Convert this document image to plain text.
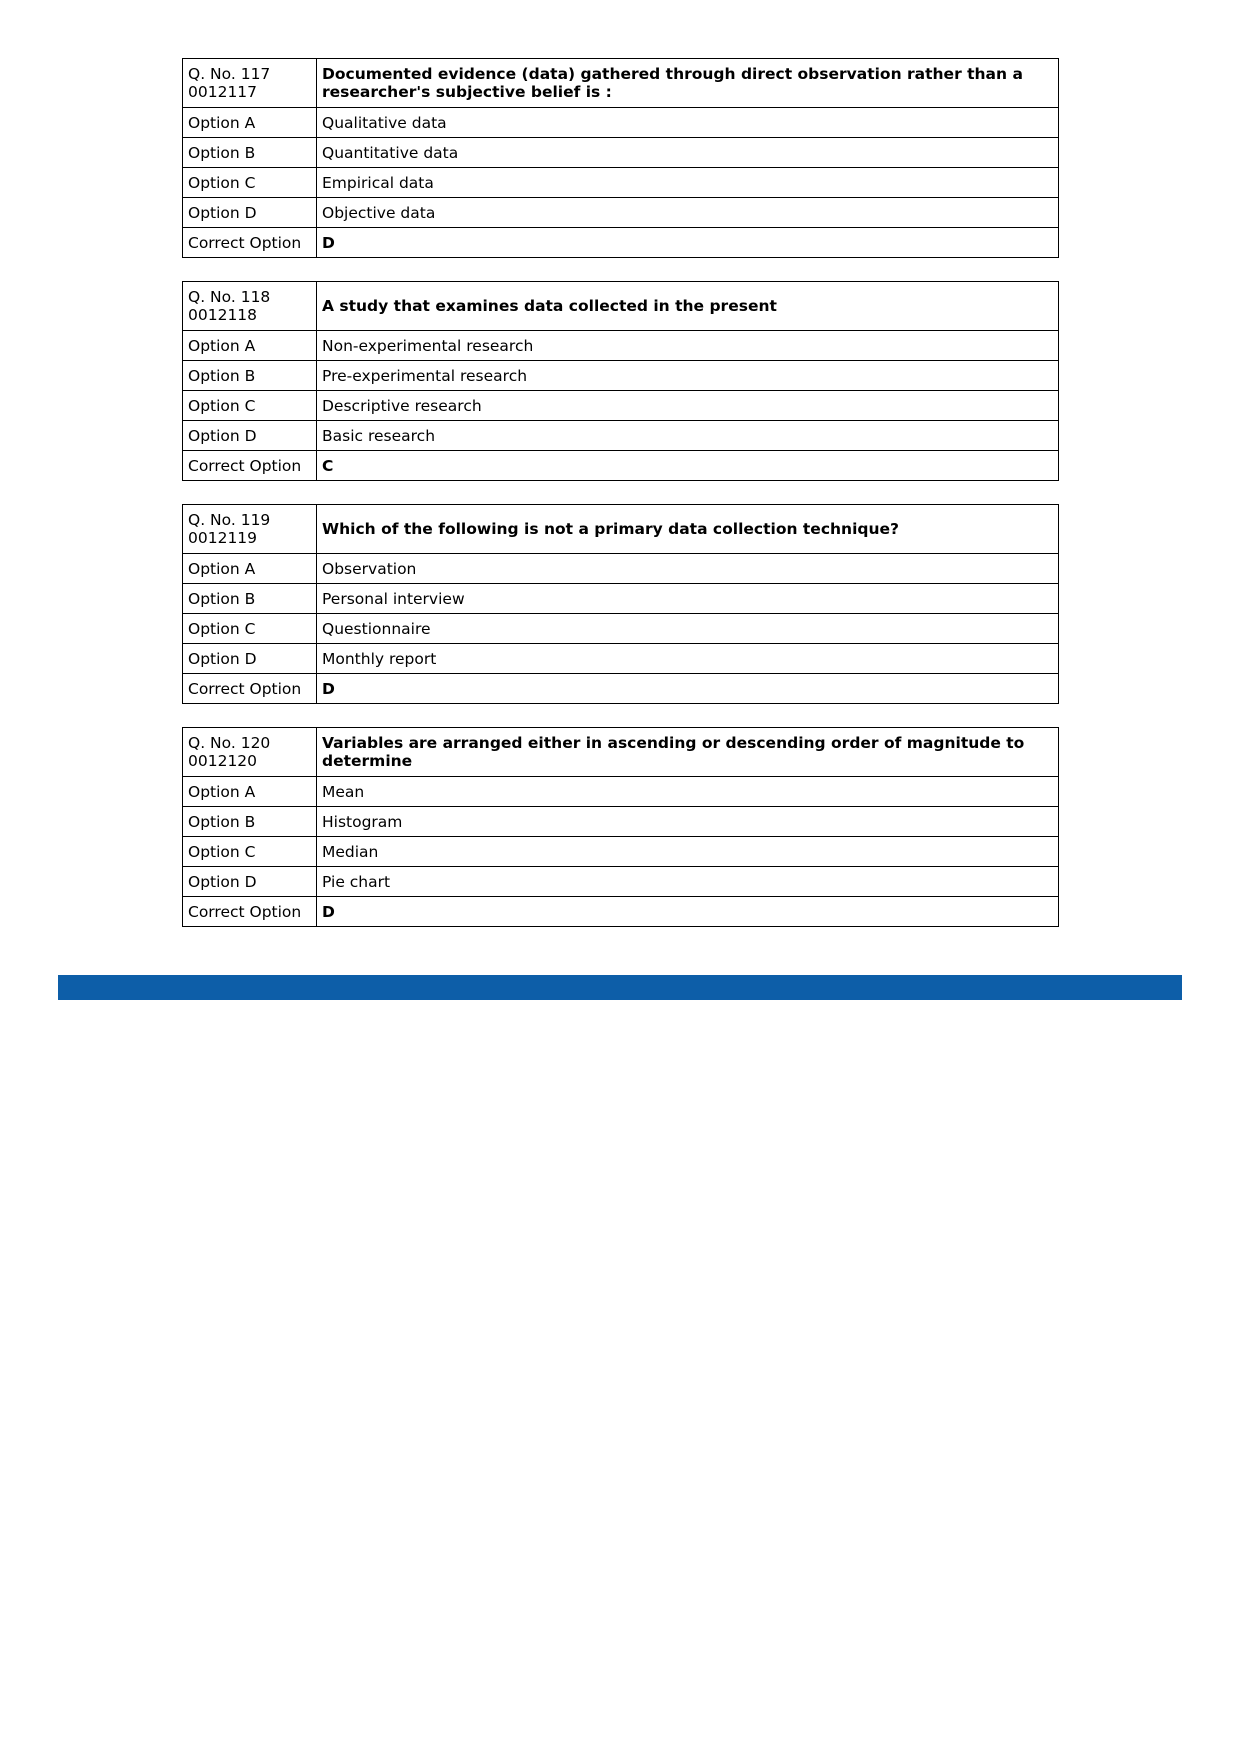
Q. No. 117
0012117	Documented evidence (data) gathered through direct observation rather than a researcher's subjective belief is :
Option A	Qualitative data
Option B	Quantitative data
Option C	Empirical data
Option D	Objective data
Correct Option	D
Q. No. 118
0012118	A study that examines data collected in the present
Option A	Non-experimental research
Option B	Pre-experimental research
Option C	Descriptive research
Option D	Basic research
Correct Option	C
Q. No. 119
0012119	Which of the following is not a primary data collection technique?
Option A	Observation
Option B	Personal interview
Option C	Questionnaire
Option D	Monthly report
Correct Option	D
Q. No. 120
0012120	Variables are arranged either in ascending or descending order of magnitude to determine
Option A	Mean
Option B	Histogram
Option C	Median
Option D	Pie chart
Correct Option	D
